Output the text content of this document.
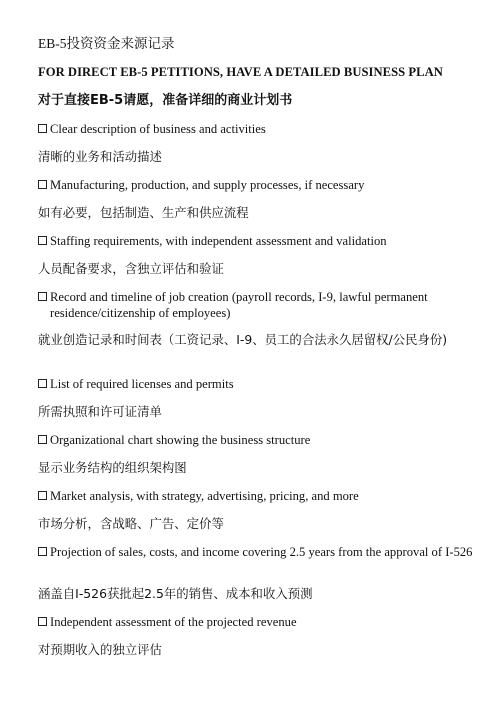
EB-5投资资金来源记录
FOR DIRECT EB-5 PETITIONS, HAVE A DETAILED BUSINESS PLAN
对于直接EB-5请愿，准备详细的商业计划书
Clear description of business and activities
清晰的业务和活动描述
Manufacturing, production, and supply processes, if necessary
如有必要，包括制造、生产和供应流程
Staffing requirements, with independent assessment and validation
人员配备要求，含独立评估和验证
Record and timeline of job creation (payroll records, I-9, lawful permanent residence/citizenship of employees)
就业创造记录和时间表（工资记录、I-9、员工的合法永久居留权/公民身份)
List of required licenses and permits
所需执照和许可证清单
Organizational chart showing the business structure
显示业务结构的组织架构图
Market analysis, with strategy, advertising, pricing, and more
市场分析，含战略、广告、定价等
Projection of sales, costs, and income covering 2.5 years from the approval of I-526
涵盖自I-526获批起2.5年的销售、成本和收入预测
Independent assessment of the projected revenue
对预期收入的独立评估
